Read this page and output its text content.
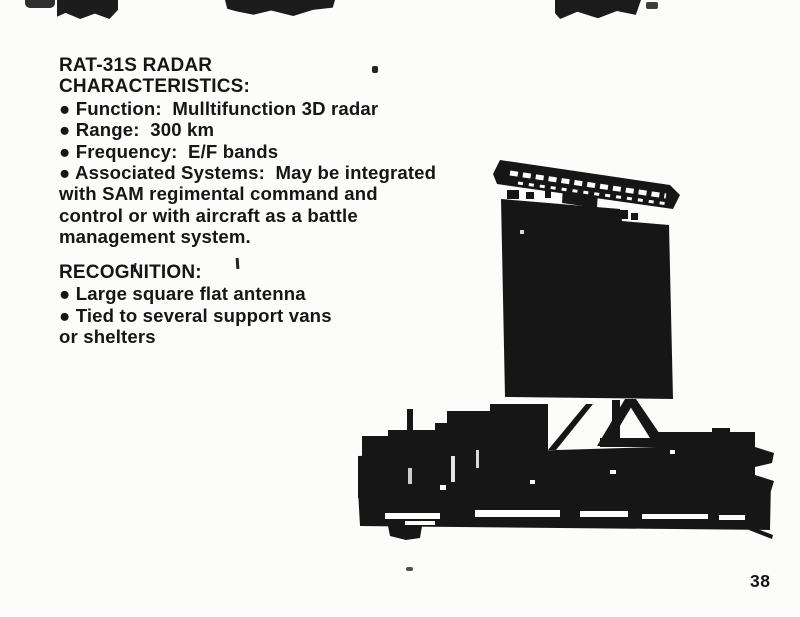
RAT-31S RADAR
CHARACTERISTICS:
● Function:  Mulltifunction 3D radar
● Range:  300 km
● Frequency:  E/F bands
● Associated Systems:  May be integrated
with SAM regimental command and
control or with aircraft as a battle
management system.
RECOGNITION:
● Large square flat antenna
● Tied to several support vans
or shelters
38
